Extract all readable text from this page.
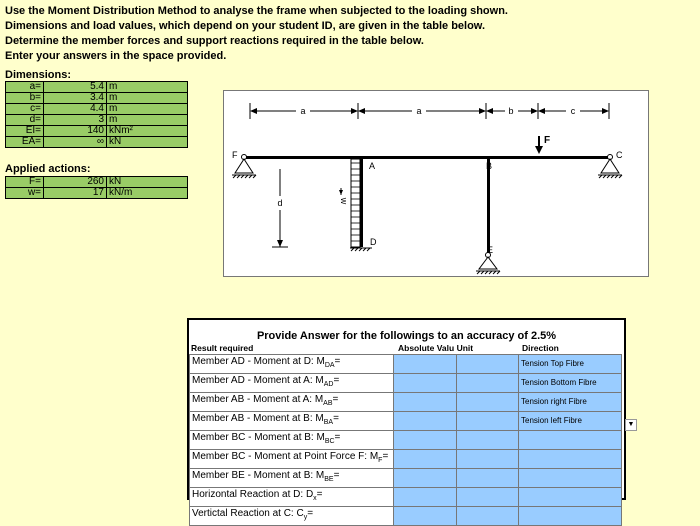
Use the Moment Distribution Method to analyse the frame when subjected to the loading shown.
Dimensions and load values, which depend on your student ID, are given in the table below.
Determine the member forces and support reactions required in the table below.
Enter your answers in the space provided.
Dimensions:
a=	5.4	m
b=	3.4	m
c=	4.4	m
d=	3	m
EI=	140	kNm²
EA=	∞	kN
Applied actions:
F=	260	kN
w=	17	kN/m
a	a	b	c
d	w
F
F
A	B
C
D
E
Provide Answer for the followings to an accuracy of 2.5%
Result required	Absolute Valu Unit	Direction
Member AD - Moment at D: $M_{DA}=$			Tension Top Fibre
Member AD - Moment at A: $M_{AD}=$			Tension Bottom Fibre
Member AB - Moment at A: $M_{AB}=$			Tension right Fibre
Member AB - Moment at B: $M_{BA}=$			Tension left Fibre
Member BC - Moment at B: $M_{BC}=$			
Member BC - Moment at Point Force F: $M_F=$			
Member BE - Moment at B: $M_{BE}=$			
Horizontal Reaction at D: $D_x=$			
Vertictal Reaction at C: $C_y=$			
▼
